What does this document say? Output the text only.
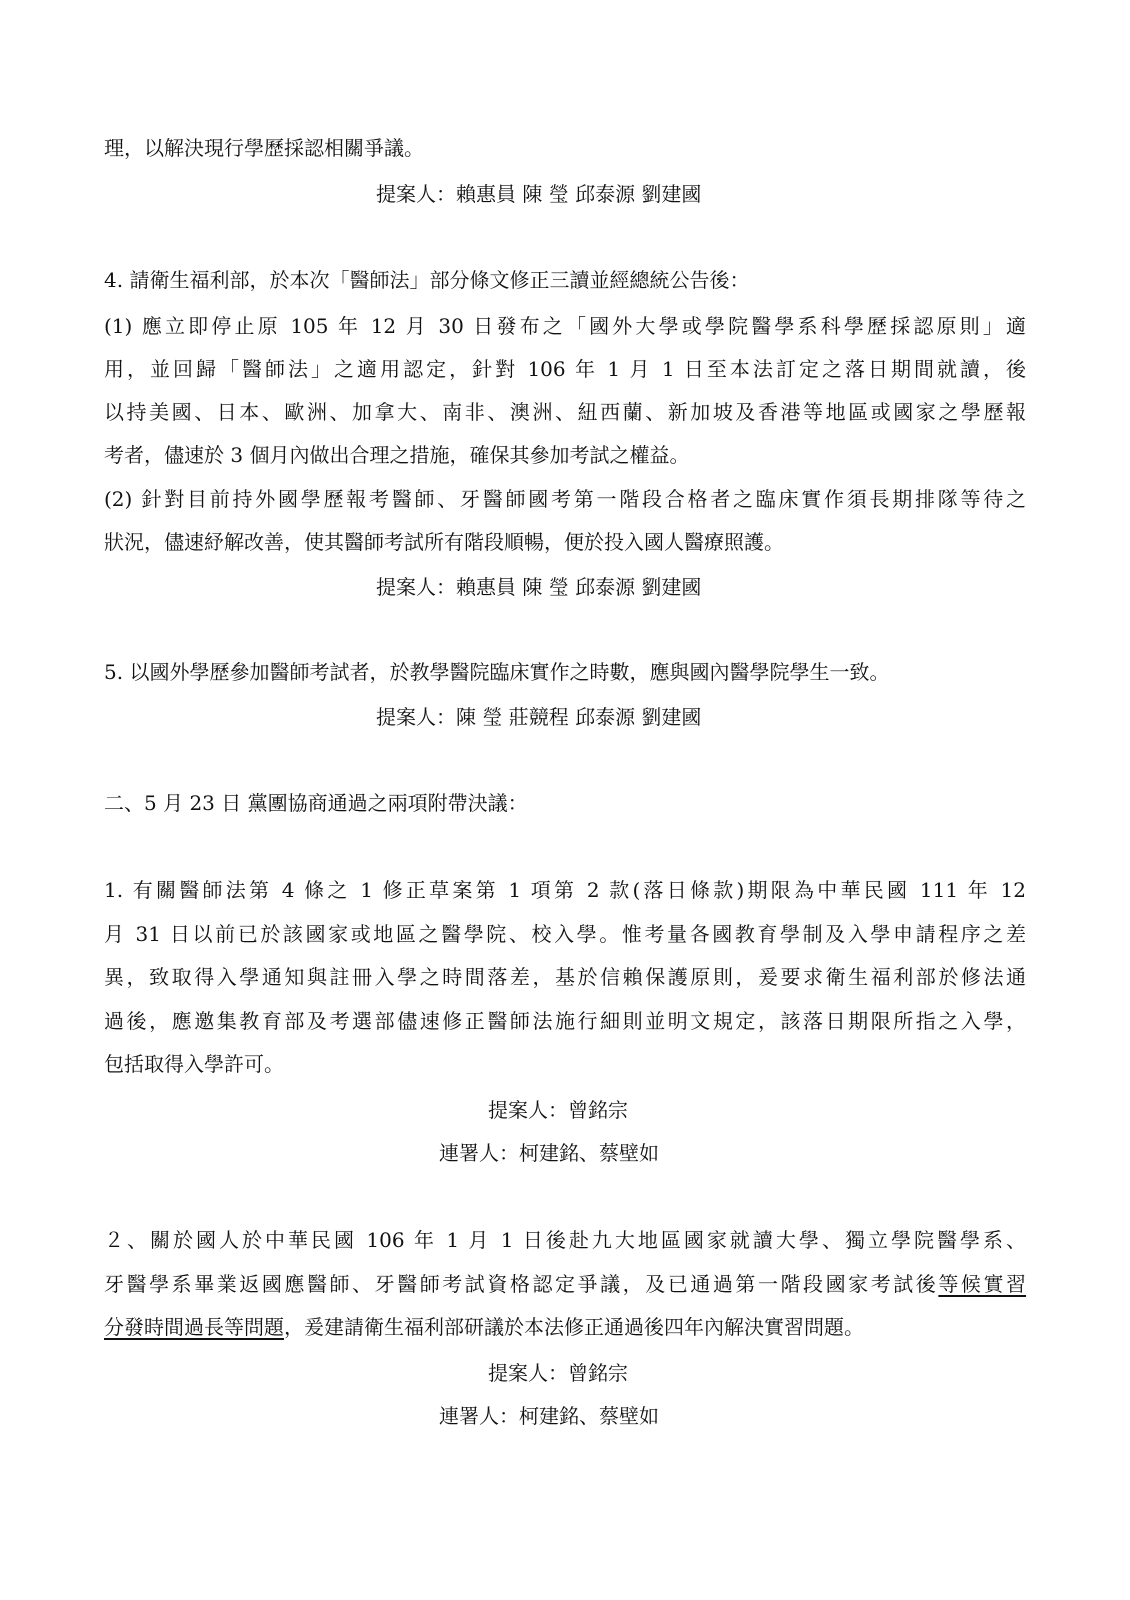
理，以解決現行學歷採認相關爭議。
提案人：賴惠員 陳 瑩 邱泰源 劉建國
4. 請衛生福利部，於本次「醫師法」部分條文修正三讀並經總統公告後：
(1) 應立即停止原 105 年 12 月 30 日發布之「國外大學或學院醫學系科學歷採認原則」適
用，並回歸「醫師法」之適用認定，針對 106 年 1 月 1 日至本法訂定之落日期間就讀，後
以持美國、日本、歐洲、加拿大、南非、澳洲、紐西蘭、新加坡及香港等地區或國家之學歷報
考者，儘速於 3 個月內做出合理之措施，確保其參加考試之權益。
(2) 針對目前持外國學歷報考醫師、牙醫師國考第一階段合格者之臨床實作須長期排隊等待之
狀況，儘速紓解改善，使其醫師考試所有階段順暢，便於投入國人醫療照護。
提案人：賴惠員 陳 瑩 邱泰源 劉建國
5. 以國外學歷參加醫師考試者，於教學醫院臨床實作之時數，應與國內醫學院學生一致。
提案人：陳 瑩 莊競程 邱泰源 劉建國
二、5 月 23 日 黨團協商通過之兩項附帶決議：
1. 有關醫師法第 4 條之 1 修正草案第 1 項第 2 款(落日條款)期限為中華民國 111 年 12
月 31 日以前已於該國家或地區之醫學院、校入學。惟考量各國教育學制及入學申請程序之差
異，致取得入學通知與註冊入學之時間落差，基於信賴保護原則，爰要求衛生福利部於修法通
過後，應邀集教育部及考選部儘速修正醫師法施行細則並明文規定，該落日期限所指之入學，
包括取得入學許可。
提案人：曾銘宗
連署人：柯建銘、蔡壁如
２、關於國人於中華民國 106 年 1 月 1 日後赴九大地區國家就讀大學、獨立學院醫學系、
牙醫學系畢業返國應醫師、牙醫師考試資格認定爭議，及已通過第一階段國家考試後等候實習
分發時間過長等問題，爰建請衛生福利部研議於本法修正通過後四年內解決實習問題。
提案人：曾銘宗
連署人：柯建銘、蔡壁如
